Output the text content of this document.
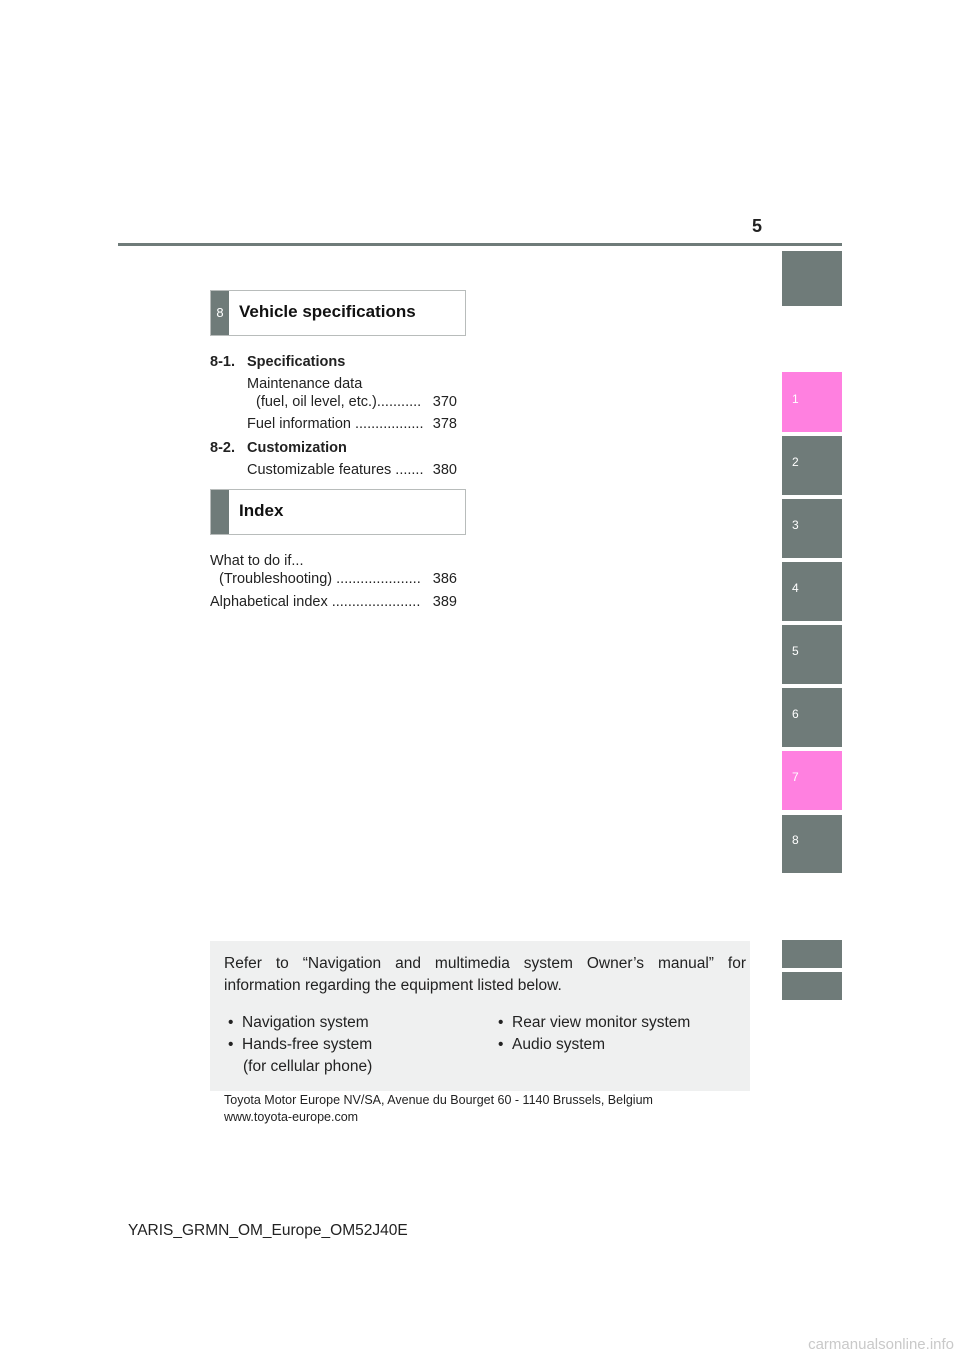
5
1
2
3
4
5
6
7
8
8 Vehicle specifications
8-1. Specifications
Maintenance data
(fuel, oil level, etc.)........... 370
Fuel information ................. 378
8-2. Customization
Customizable features ....... 380
Index
What to do if...
(Troubleshooting) ..................... 386
Alphabetical index ...................... 389
Refer to “Navigation and multimedia system Owner’s manual” for information regarding the equipment listed below.
•  Navigation system
•  Hands-free system
(for cellular phone)
•  Rear view monitor system
•  Audio system
Toyota Motor Europe NV/SA, Avenue du Bourget 60 - 1140 Brussels, Belgium
www.toyota-europe.com
YARIS_GRMN_OM_Europe_OM52J40E
carmanualsonline.info
